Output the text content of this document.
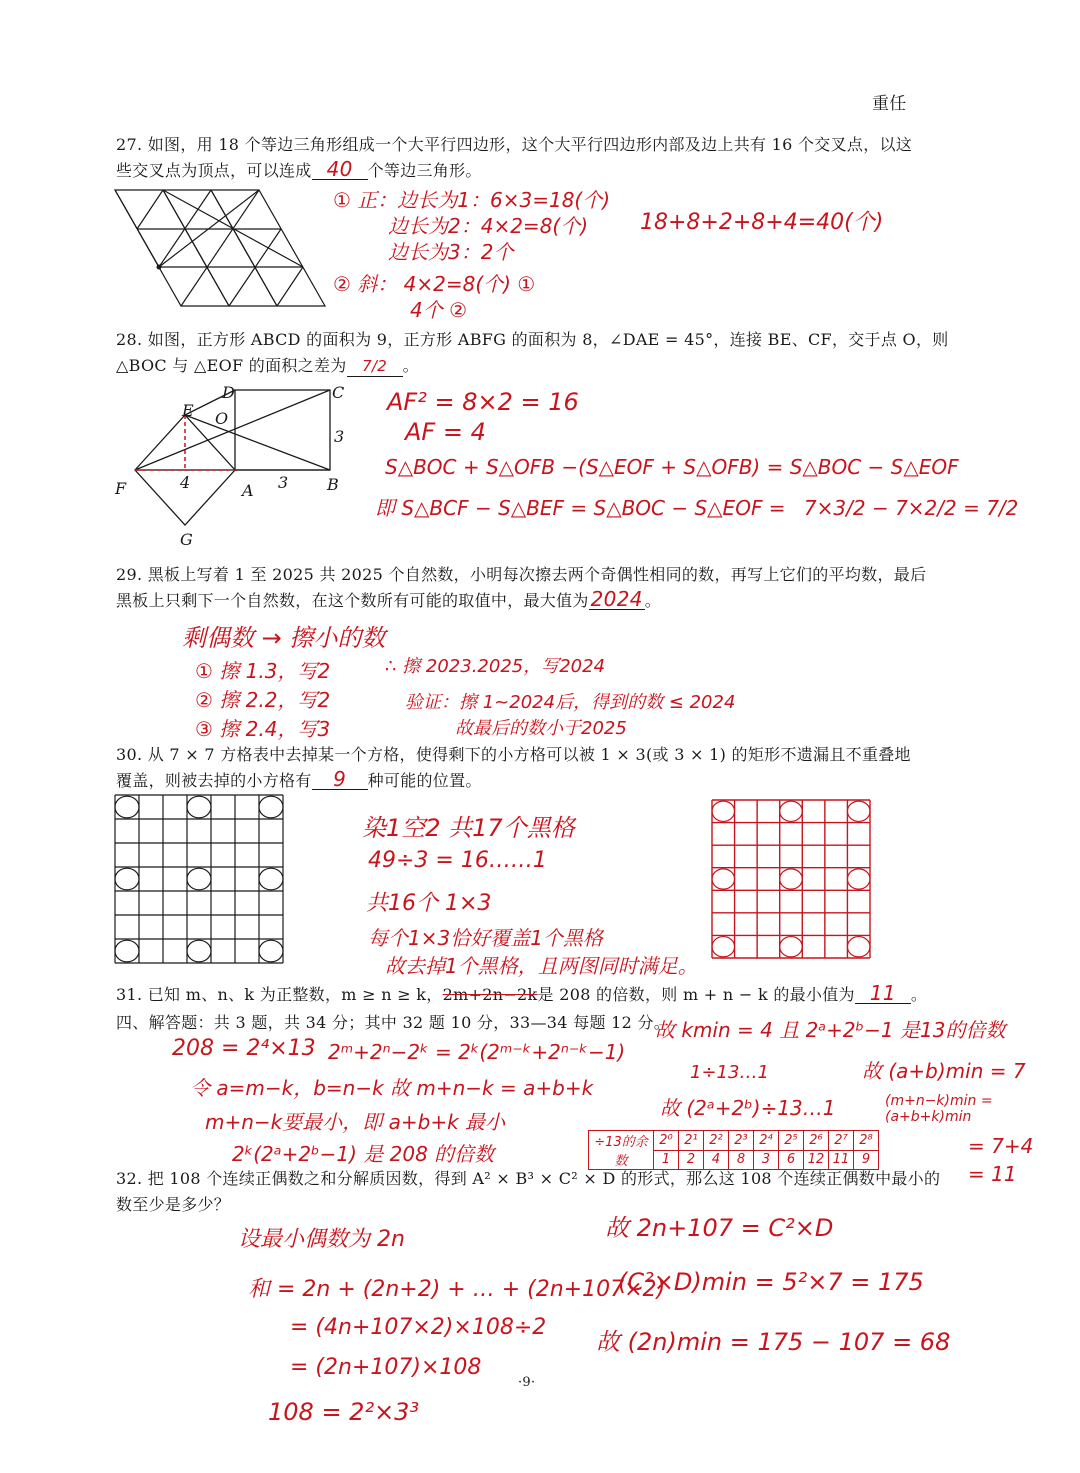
重任
27. 如图，用 18 个等边三角形组成一个大平行四边形，这个大平行四边形内部及边上共有 16 个交叉点，以这
些交叉点为顶点，可以连成 40 个等边三角形。
① 正：边长为1：6×3=18(个)
边长为2：4×2=8(个)
边长为3：2个
② 斜： 4×2=8(个) ①
4个 ②
18+8+2+8+4=40(个)
28. 如图，正方形 ABCD 的面积为 9，正方形 ABFG 的面积为 8，∠DAE = 45°，连接 BE、CF，交于点 O，则
△BOC 与 △EOF 的面积之差为 7/2 。
D	C
E O
F	A	B
G
3
3
4
AF² = 8×2 = 16
AF = 4
S△BOC + S△OFB −(S△EOF + S△OFB) = S△BOC − S△EOF
即 S△BCF − S△BEF = S△BOC − S△EOF = 7×3/2 − 7×2/2 = 7/2
29. 黑板上写着 1 至 2025 共 2025 个自然数，小明每次擦去两个奇偶性相同的数，再写上它们的平均数，最后
黑板上只剩下一个自然数，在这个数所有可能的取值中，最大值为2024 。
剩偶数 → 擦小的数
① 擦 1.3，写2
② 擦 2.2，写2
③ 擦 2.4，写3
∴ 擦 2023.2025，写2024
验证：擦 1~2024后，得到的数 ≤ 2024
故最后的数小于2025
30. 从 7 × 7 方格表中去掉某一个方格，使得剩下的小方格可以被 1 × 3(或 3 × 1) 的矩形不遗漏且不重叠地
覆盖，则被去掉的小方格有 9 种可能的位置。
染1空2 共17个黑格
49÷3 = 16……1
共16个 1×3
每个1×3恰好覆盖1个黑格
故去掉1个黑格，且两图同时满足。
31. 已知 m、n、k 为正整数，m ≥ n ≥ k，2m+2n−2k是 208 的倍数，则 m + n − k 的最小值为 11 。
四、解答题：共 3 题，共 34 分；其中 32 题 10 分，33—34 每题 12 分。
208 = 2⁴×13 2ᵐ+2ⁿ−2ᵏ = 2ᵏ(2ᵐ⁻ᵏ+2ⁿ⁻ᵏ−1)
令 a=m−k，b=n−k 故 m+n−k = a+b+k
m+n−k要最小，即 a+b+k 最小
2ᵏ(2ᵃ+2ᵇ−1) 是 208 的倍数
故 kmin = 4 且 2ᵃ+2ᵇ−1 是13的倍数
1÷13…1	故 (a+b)min = 7
故 (2ᵃ+2ᵇ)÷13…1	(m+n−k)min = (a+b+k)min
= 7+4
= 11
÷13的余数	2⁰	2¹	2²	2³	2⁴	2⁵	2⁶	2⁷	2⁸
	1	2	4	8	3	6	12	11	9
32. 把 108 个连续正偶数之和分解质因数，得到 A² × B³ × C² × D 的形式，那么这 108 个连续正偶数中最小的
数至少是多少？
设最小偶数为 2n
和 = 2n + (2n+2) + … + (2n+107×2)
= (4n+107×2)×108÷2
= (2n+107)×108
108 = 2²×3³
故 2n+107 = C²×D
(C²×D)min = 5²×7 = 175
故 (2n)min = 175 − 107 = 68
·9·
